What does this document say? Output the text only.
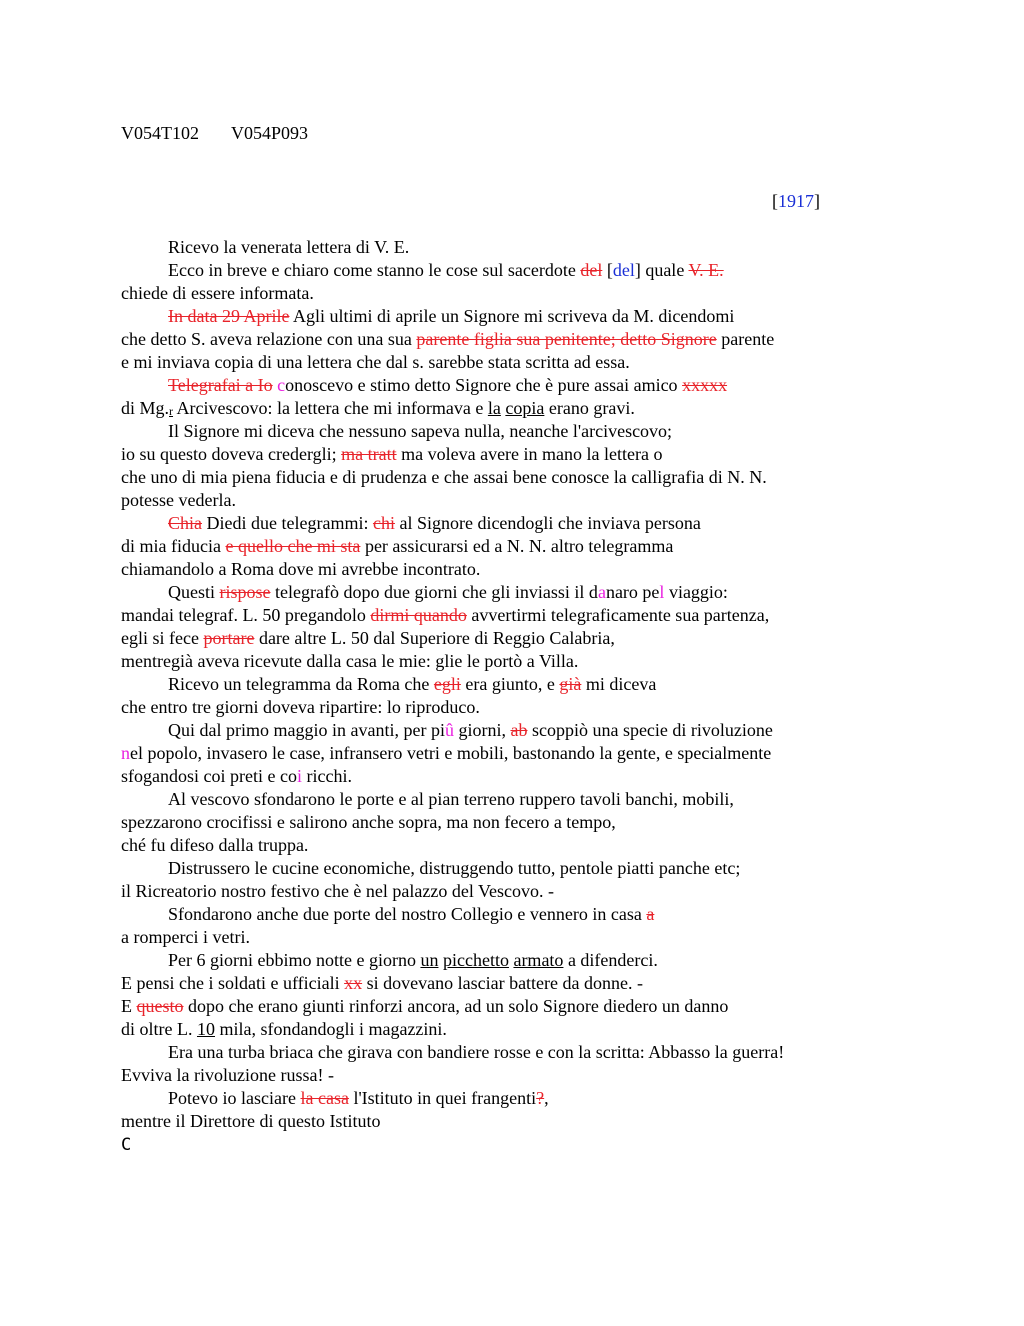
V054T102 V054P093
[1917]
Ricevo la venerata lettera di V. E.
Ecco in breve e chiaro come stanno le cose sul sacerdote del [del] quale V. E.
chiede di essere informata.
In data 29 Aprile Agli ultimi di aprile un Signore mi scriveva da M. dicendomi
che detto S. aveva relazione con una sua parente figlia sua penitente; detto Signore parente
e mi inviava copia di una lettera che dal s. sarebbe stata scritta ad essa.
Telegrafai a Io conoscevo e stimo detto Signore che è pure assai amico xxxxx
di Mg.r Arcivescovo: la lettera che mi informava e la copia erano gravi.
Il Signore mi diceva che nessuno sapeva nulla, neanche l'arcivescovo;
io su questo doveva credergli; ma tratt ma voleva avere in mano la lettera o
che uno di mia piena fiducia e di prudenza e che assai bene conosce la calligrafia di N. N.
potesse vederla.
Chia Diedi due telegrammi: chi al Signore dicendogli che inviava persona
di mia fiducia e quello che mi sta per assicurarsi ed a N. N. altro telegramma
chiamandolo a Roma dove mi avrebbe incontrato.
Questi rispose telegrafò dopo due giorni che gli inviassi il danaro pel viaggio:
mandai telegraf. L. 50 pregandolo dirmi quando avvertirmi telegraficamente sua partenza,
egli si fece portare dare altre L. 50 dal Superiore di Reggio Calabria,
mentregià aveva ricevute dalla casa le mie: glie le portò a Villa.
Ricevo un telegramma da Roma che egli era giunto, e già mi diceva
che entro tre giorni doveva ripartire: lo riproduco.
Qui dal primo maggio in avanti, per piû giorni, ab scoppiò una specie di rivoluzione
nel popolo, invasero le case, infransero vetri e mobili, bastonando la gente, e specialmente
sfogandosi coi preti e coi ricchi.
Al vescovo sfondarono le porte e al pian terreno ruppero tavoli banchi, mobili,
spezzarono crocifissi e salirono anche sopra, ma non fecero a tempo,
ché fu difeso dalla truppa.
Distrussero le cucine economiche, distruggendo tutto, pentole piatti panche etc;
il Ricreatorio nostro festivo che è nel palazzo del Vescovo. -
Sfondarono anche due porte del nostro Collegio e vennero in casa a
a romperci i vetri.
Per 6 giorni ebbimo notte e giorno un picchetto armato a difenderci.
E pensi che i soldati e ufficiali xx si dovevano lasciar battere da donne. -
E questo dopo che erano giunti rinforzi ancora, ad un solo Signore diedero un danno
di oltre L. 10 mila, sfondandogli i magazzini.
Era una turba briaca che girava con bandiere rosse e con la scritta: Abbasso la guerra!
Evviva la rivoluzione russa! -
Potevo io lasciare la casa l'Istituto in quei frangenti?,
mentre il Direttore di questo Istituto
C
